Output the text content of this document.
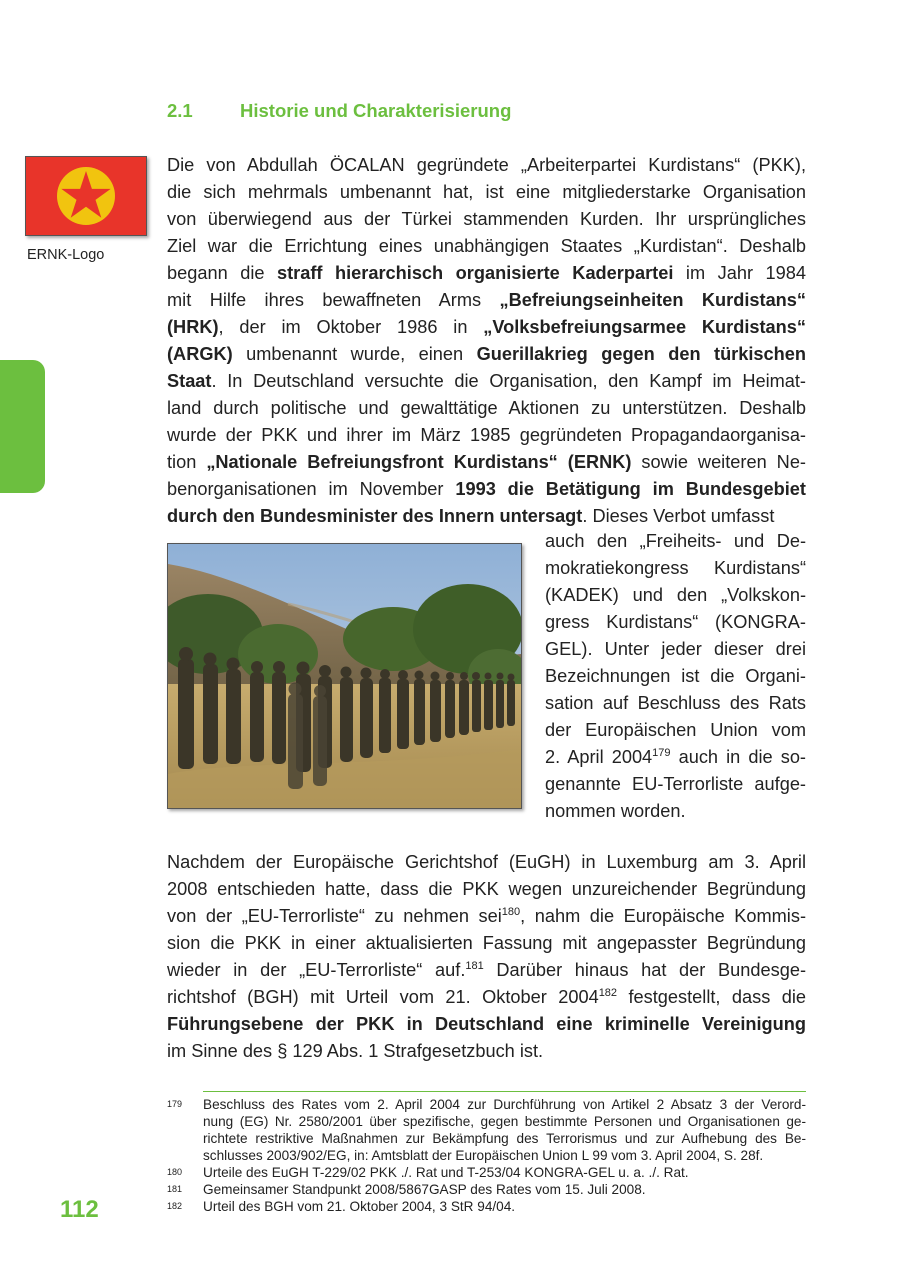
2.1	Historie und Charakterisierung
ERNK-Logo
Die von Abdullah ÖCALAN gegründete „Arbeiterpartei Kurdistans“ (PKK),
die sich mehrmals umbenannt hat, ist eine mitgliederstarke Organisation
von überwiegend aus der Türkei stammenden Kurden. Ihr ursprüngliches
Ziel war die Errichtung eines unabhängigen Staates „Kurdistan“. Deshalb
begann die straff hierarchisch organisierte Kaderpartei im Jahr 1984
mit Hilfe ihres bewaffneten Arms „Befreiungseinheiten Kurdistans“
(HRK), der im Oktober 1986 in „Volksbefreiungsarmee Kurdistans“
(ARGK) umbenannt wurde, einen Guerillakrieg gegen den türkischen
Staat. In Deutschland versuchte die Organisation, den Kampf im Heimat-
land durch politische und gewalttätige Aktionen zu unterstützen. Deshalb
wurde der PKK und ihrer im März 1985 gegründeten Propagandaorganisa-
tion „Nationale Befreiungsfront Kurdistans“ (ERNK) sowie weiteren Ne-
benorganisationen im November 1993 die Betätigung im Bundesgebiet
durch den Bundesminister des Innern untersagt. Dieses Verbot umfasst
auch den „Freiheits- und De-
mokratiekongress Kurdistans“
(KADEK) und den „Volkskon-
gress Kurdistans“ (KONGRA-
GEL). Unter jeder dieser drei
Bezeichnungen ist die Organi-
sation auf Beschluss des Rats
der Europäischen Union vom
2. April 2004$^{179}$ auch in die so-
genannte EU-Terrorliste aufge-
nommen worden.
Nachdem der Europäische Gerichtshof (EuGH) in Luxemburg am 3. April
2008 entschieden hatte, dass die PKK wegen unzureichender Begründung
von der „EU-Terrorliste“ zu nehmen sei$^{180}$, nahm die Europäische Kommis-
sion die PKK in einer aktualisierten Fassung mit angepasster Begründung
wieder in der „EU-Terrorliste“ auf.$^{181}$ Darüber hinaus hat der Bundesge-
richtshof (BGH) mit Urteil vom 21. Oktober 2004$^{182}$ festgestellt, dass die
Führungsebene der PKK in Deutschland eine kriminelle Vereinigung
im Sinne des § 129 Abs. 1 Strafgesetzbuch ist.
179	Beschluss des Rates vom 2. April 2004 zur Durchführung von Artikel 2 Absatz 3 der Verord-
nung (EG) Nr. 2580/2001 über spezifische, gegen bestimmte Personen und Organisationen ge-
richtete restriktive Maßnahmen zur Bekämpfung des Terrorismus und zur Aufhebung des Be-
schlusses 2003/902/EG, in: Amtsblatt der Europäischen Union L 99 vom 3. April 2004, S. 28f.
180	Urteile des EuGH T-229/02 PKK ./. Rat und T-253/04 KONGRA-GEL u. a. ./. Rat.
181	Gemeinsamer Standpunkt 2008/5867GASP des Rates vom 15. Juli 2008.
182	Urteil des BGH vom 21. Oktober 2004, 3 StR 94/04.
112
